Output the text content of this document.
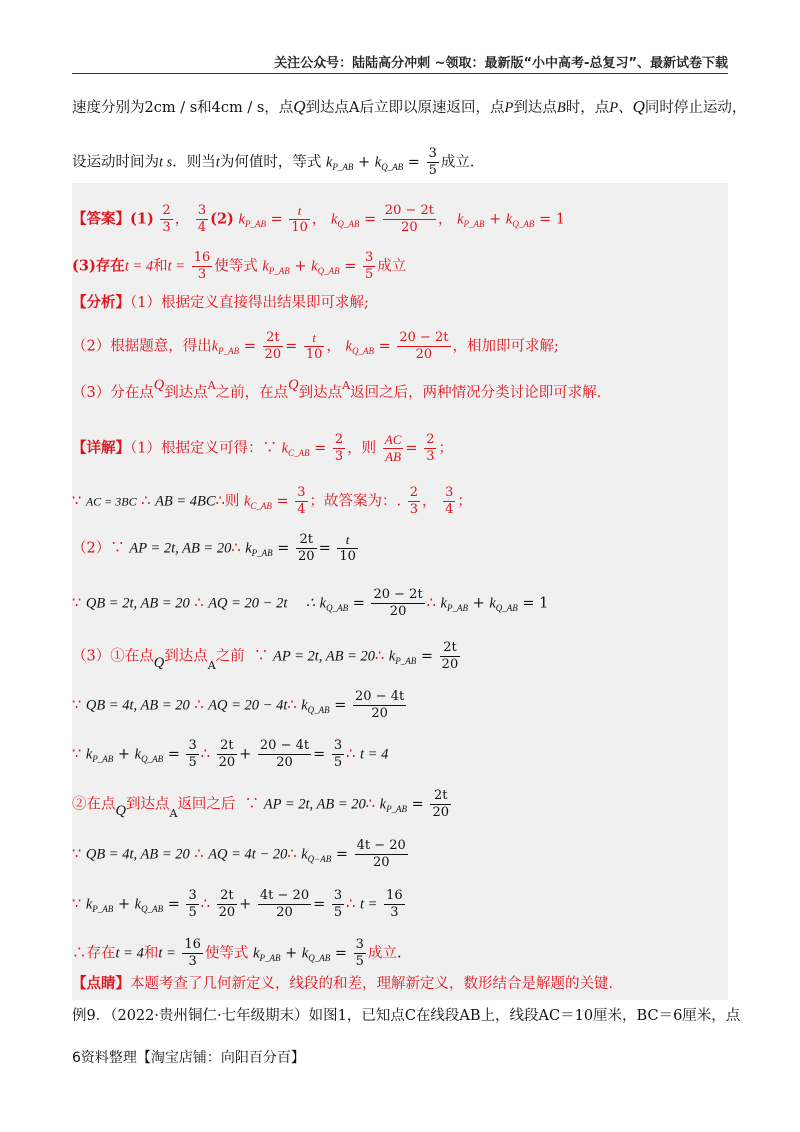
关注公众号：陆陆高分冲刺 ~领取：最新版“小中高考-总复习”、最新试卷下载
速度分别为2cm / s和4cm / s，点Q到达点A后立即以原速返回，点P到达点B时，点P、Q同时停止运动，
设运动时间为t s．则当t为何值时，等式 $k_{P\_AB} + k_{Q\_AB} = \frac{3}{5}$ 成立．
【答案】$(1) \frac{2}{3}$ ， $\frac{3}{4} (2) k_{P\_AB} = \frac{t}{10}$ ， $k_{Q\_AB} = \frac{20 - 2t}{20}$ ， $k_{P\_AB} + k_{Q\_AB} = 1$
(3)存在t = 4和$t = \frac{16}{3}$ 使等式 $k_{P\_AB} + k_{Q\_AB} = \frac{3}{5}$ 成立
【分析】（1）根据定义直接得出结果即可求解;
（2）根据题意，得出$k_{P\_AB} = \frac{2t}{20} = \frac{t}{10}$ ， $k_{Q\_AB} = \frac{20 - 2t}{20}$ ，相加即可求解;
（3）分在点Q到达点$^A$之前，在点Q到达点$^A$返回之后，两种情况分类讨论即可求解．
【详解】（1）根据定义可得：∵ $k_{C\_AB} = \frac{2}{3}$ ，则 $\frac{AC}{AB} = \frac{2}{3}$ ；
∵ AC = 3BC ∴ AB = 4BC∴则 $k_{C\_AB} = \frac{3}{4}$ ；故答案为：. $\frac{2}{3}$ ， $\frac{3}{4}$ ；
（2）∵ AP = 2t, AB = 20∴ $k_{P\_AB} = \frac{2t}{20} = \frac{t}{10}$
∵ QB = 2t, AB = 20 ∴ AQ = 20 − 2t ∴ $k_{Q\_AB} = \frac{20 - 2t}{20}$ ∴ $k_{P\_AB} + k_{Q\_AB} = 1$
（3）①在点Q到达点$_A$之前 ∵ AP = 2t, AB = 20∴ $k_{P\_AB} = \frac{2t}{20}$
∵ QB = 4t, AB = 20 ∴ AQ = 20 − 4t∴ $k_{Q\_AB} = \frac{20 - 4t}{20}$
∵ $k_{P\_AB} + k_{Q\_AB} = \frac{3}{5}$ ∴ $\frac{2t}{20} + \frac{20 - 4t}{20} = \frac{3}{5}$ ∴ t = 4
②在点Q到达点$_A$返回之后 ∵ AP = 2t, AB = 20∴ $k_{P\_AB} = \frac{2t}{20}$
∵ QB = 4t, AB = 20 ∴ AQ = 4t − 20∴ $k_{Q-AB} = \frac{4t - 20}{20}$
∵ $k_{P\_AB} + k_{Q\_AB} = \frac{3}{5}$ ∴ $\frac{2t}{20} + \frac{4t - 20}{20} = \frac{3}{5}$ ∴ $t = \frac{16}{3}$
∴存在t = 4和$t = \frac{16}{3}$ 使等式 $k_{P\_AB} + k_{Q\_AB} = \frac{3}{5}$ 成立.
【点睛】本题考查了几何新定义，线段的和差，理解新定义，数形结合是解题的关键．
例9．（2022·贵州铜仁·七年级期末）如图1，已知点C在线段AB上，线段AC＝10厘米，BC＝6厘米，点
6资料整理【淘宝店铺：向阳百分百】
